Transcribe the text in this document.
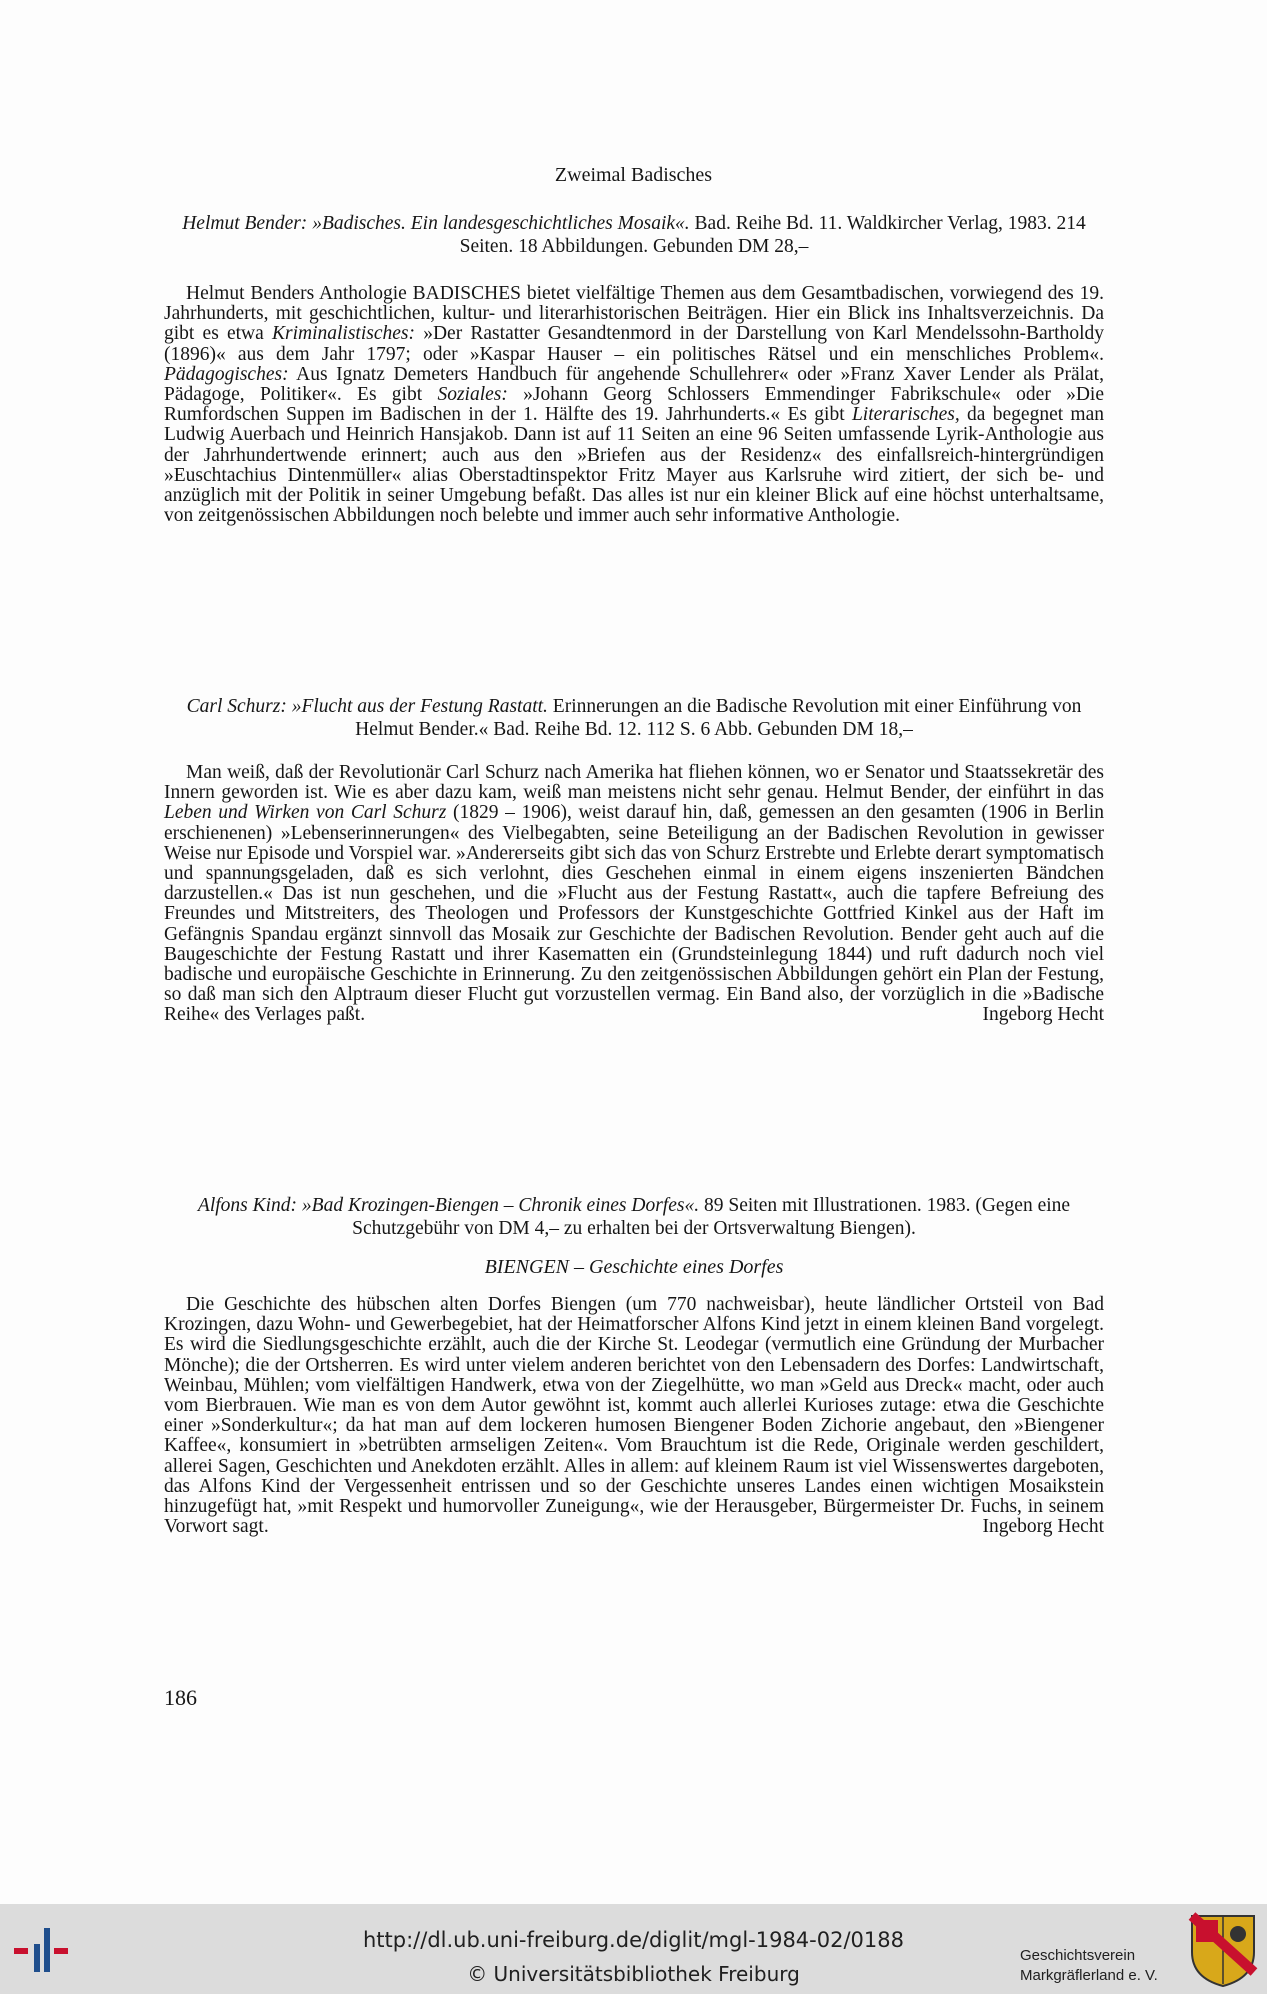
Zweimal Badisches

Helmut Bender: »Badisches. Ein landesgeschichtliches Mosaik«. Bad. Reihe Bd. 11. Waldkircher Verlag, 1983. 214 Seiten. 18 Abbildungen. Gebunden DM 28,–

Helmut Benders Anthologie BADISCHES bietet vielfältige Themen aus dem Gesamtbadischen, vorwiegend des 19. Jahrhunderts, mit geschichtlichen, kultur- und literarhistorischen Beiträgen. Hier ein Blick ins Inhaltsverzeichnis. Da gibt es etwa Kriminalistisches: »Der Rastatter Gesandtenmord in der Darstellung von Karl Mendelssohn-Bartholdy (1896)« aus dem Jahr 1797; oder »Kaspar Hauser – ein politisches Rätsel und ein menschliches Problem«. Pädagogisches: Aus Ignatz Demeters Handbuch für angehende Schullehrer« oder »Franz Xaver Lender als Prälat, Pädagoge, Politiker«. Es gibt Soziales: »Johann Georg Schlossers Emmendinger Fabrikschule« oder »Die Rumfordschen Suppen im Badischen in der 1. Hälfte des 19. Jahrhunderts.« Es gibt Literarisches, da begegnet man Ludwig Auerbach und Heinrich Hansjakob. Dann ist auf 11 Seiten an eine 96 Seiten umfassende Lyrik-Anthologie aus der Jahrhundertwende erinnert; auch aus den »Briefen aus der Residenz« des einfallsreich-hintergründigen »Euschtachius Dintenmüller« alias Oberstadtinspektor Fritz Mayer aus Karlsruhe wird zitiert, der sich be- und anzüglich mit der Politik in seiner Umgebung befaßt. Das alles ist nur ein kleiner Blick auf eine höchst unterhaltsame, von zeitgenössischen Abbildungen noch belebte und immer auch sehr informative Anthologie.

Carl Schurz: »Flucht aus der Festung Rastatt. Erinnerungen an die Badische Revolution mit einer Einführung von Helmut Bender.« Bad. Reihe Bd. 12. 112 S. 6 Abb. Gebunden DM 18,–

Man weiß, daß der Revolutionär Carl Schurz nach Amerika hat fliehen können, wo er Senator und Staatssekretär des Innern geworden ist. Wie es aber dazu kam, weiß man meistens nicht sehr genau. Helmut Bender, der einführt in das Leben und Wirken von Carl Schurz (1829 – 1906), weist darauf hin, daß, gemessen an den gesamten (1906 in Berlin erschienenen) »Lebenserinnerungen« des Vielbegabten, seine Beteiligung an der Badischen Revolution in gewisser Weise nur Episode und Vorspiel war. »Andererseits gibt sich das von Schurz Erstrebte und Erlebte derart symptomatisch und spannungsgeladen, daß es sich verlohnt, dies Geschehen einmal in einem eigens inszenierten Bändchen darzustellen.« Das ist nun geschehen, und die »Flucht aus der Festung Rastatt«, auch die tapfere Befreiung des Freundes und Mitstreiters, des Theologen und Professors der Kunstgeschichte Gottfried Kinkel aus der Haft im Gefängnis Spandau ergänzt sinnvoll das Mosaik zur Geschichte der Badischen Revolution. Bender geht auch auf die Baugeschichte der Festung Rastatt und ihrer Kasematten ein (Grundsteinlegung 1844) und ruft dadurch noch viel badische und europäische Geschichte in Erinnerung. Zu den zeitgenössischen Abbildungen gehört ein Plan der Festung, so daß man sich den Alptraum dieser Flucht gut vorzustellen vermag. Ein Band also, der vorzüglich in die »Badische Reihe« des Verlages paßt.	Ingeborg Hecht

Alfons Kind: »Bad Krozingen-Biengen – Chronik eines Dorfes«. 89 Seiten mit Illustrationen. 1983. (Gegen eine Schutzgebühr von DM 4,– zu erhalten bei der Ortsverwaltung Biengen).

BIENGEN – Geschichte eines Dorfes

Die Geschichte des hübschen alten Dorfes Biengen (um 770 nachweisbar), heute ländlicher Ortsteil von Bad Krozingen, dazu Wohn- und Gewerbegebiet, hat der Heimatforscher Alfons Kind jetzt in einem kleinen Band vorgelegt. Es wird die Siedlungsgeschichte erzählt, auch die der Kirche St. Leodegar (vermutlich eine Gründung der Murbacher Mönche); die der Ortsherren. Es wird unter vielem anderen berichtet von den Lebensadern des Dorfes: Landwirtschaft, Weinbau, Mühlen; vom vielfältigen Handwerk, etwa von der Ziegelhütte, wo man »Geld aus Dreck« macht, oder auch vom Bierbrauen. Wie man es von dem Autor gewöhnt ist, kommt auch allerlei Kurioses zutage: etwa die Geschichte einer »Sonderkultur«; da hat man auf dem lockeren humosen Biengener Boden Zichorie angebaut, den »Biengener Kaffee«, konsumiert in »betrübten armseligen Zeiten«. Vom Brauchtum ist die Rede, Originale werden geschildert, allerei Sagen, Geschichten und Anekdoten erzählt. Alles in allem: auf kleinem Raum ist viel Wissenswertes dargeboten, das Alfons Kind der Vergessenheit entrissen und so der Geschichte unseres Landes einen wichtigen Mosaikstein hinzugefügt hat, »mit Respekt und humorvoller Zuneigung«, wie der Herausgeber, Bürgermeister Dr. Fuchs, in seinem Vorwort sagt.	Ingeborg Hecht
186
http://dl.ub.uni-freiburg.de/diglit/mgl-1984-02/0188
© Universitätsbibliothek Freiburg
Geschichtsverein
Markgräflerland e. V.
